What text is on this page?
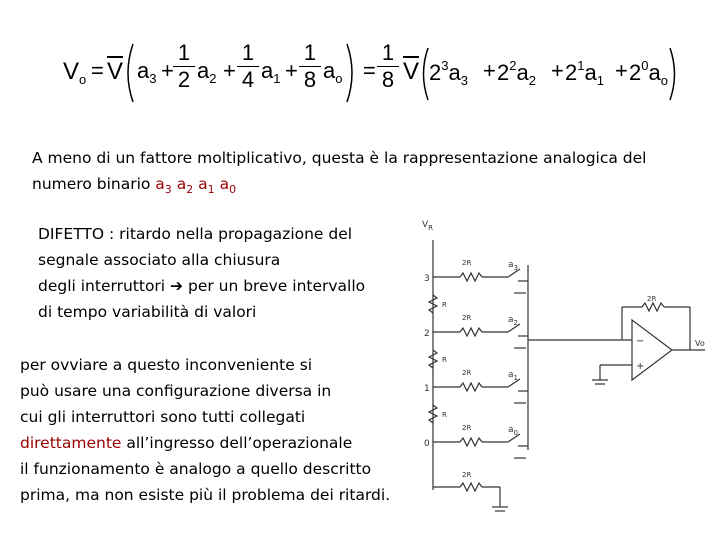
$V_o = \overline{V}$ $a_3$ +
1
2 $a_2$ +
1
4 $a_1$ +
1
8 $a_o$ =
1
8 $\overline{V}$ $2^3a_3 + 2^2a_2 + 2^1a_1 + 2^0a_o$
A meno di un fattore moltiplicativo, questa è la rappresentazione analogica del
numero binario $a_3$ $a_2$ $a_1$ $a_0$
DIFETTO : ritardo nella propagazione del
segnale associato alla chiusura
degli interruttori ➔ per un breve intervallo
di tempo variabilità di valori
per ovviare a questo inconveniente si
può usare una configurazione diversa in
cui gli interruttori sono tutti collegati
direttamente all’ingresso dell’operazionale
il funzionamento è analogo a quello descritto
prima, ma non esiste più il problema dei ritardi.
$V_R$
3
2
1
0
2R
2R
2R
2R
2R
R
R
R
$a_3$
$a_2$
$a_1$
$a_0$
2R
Vo
−
+
